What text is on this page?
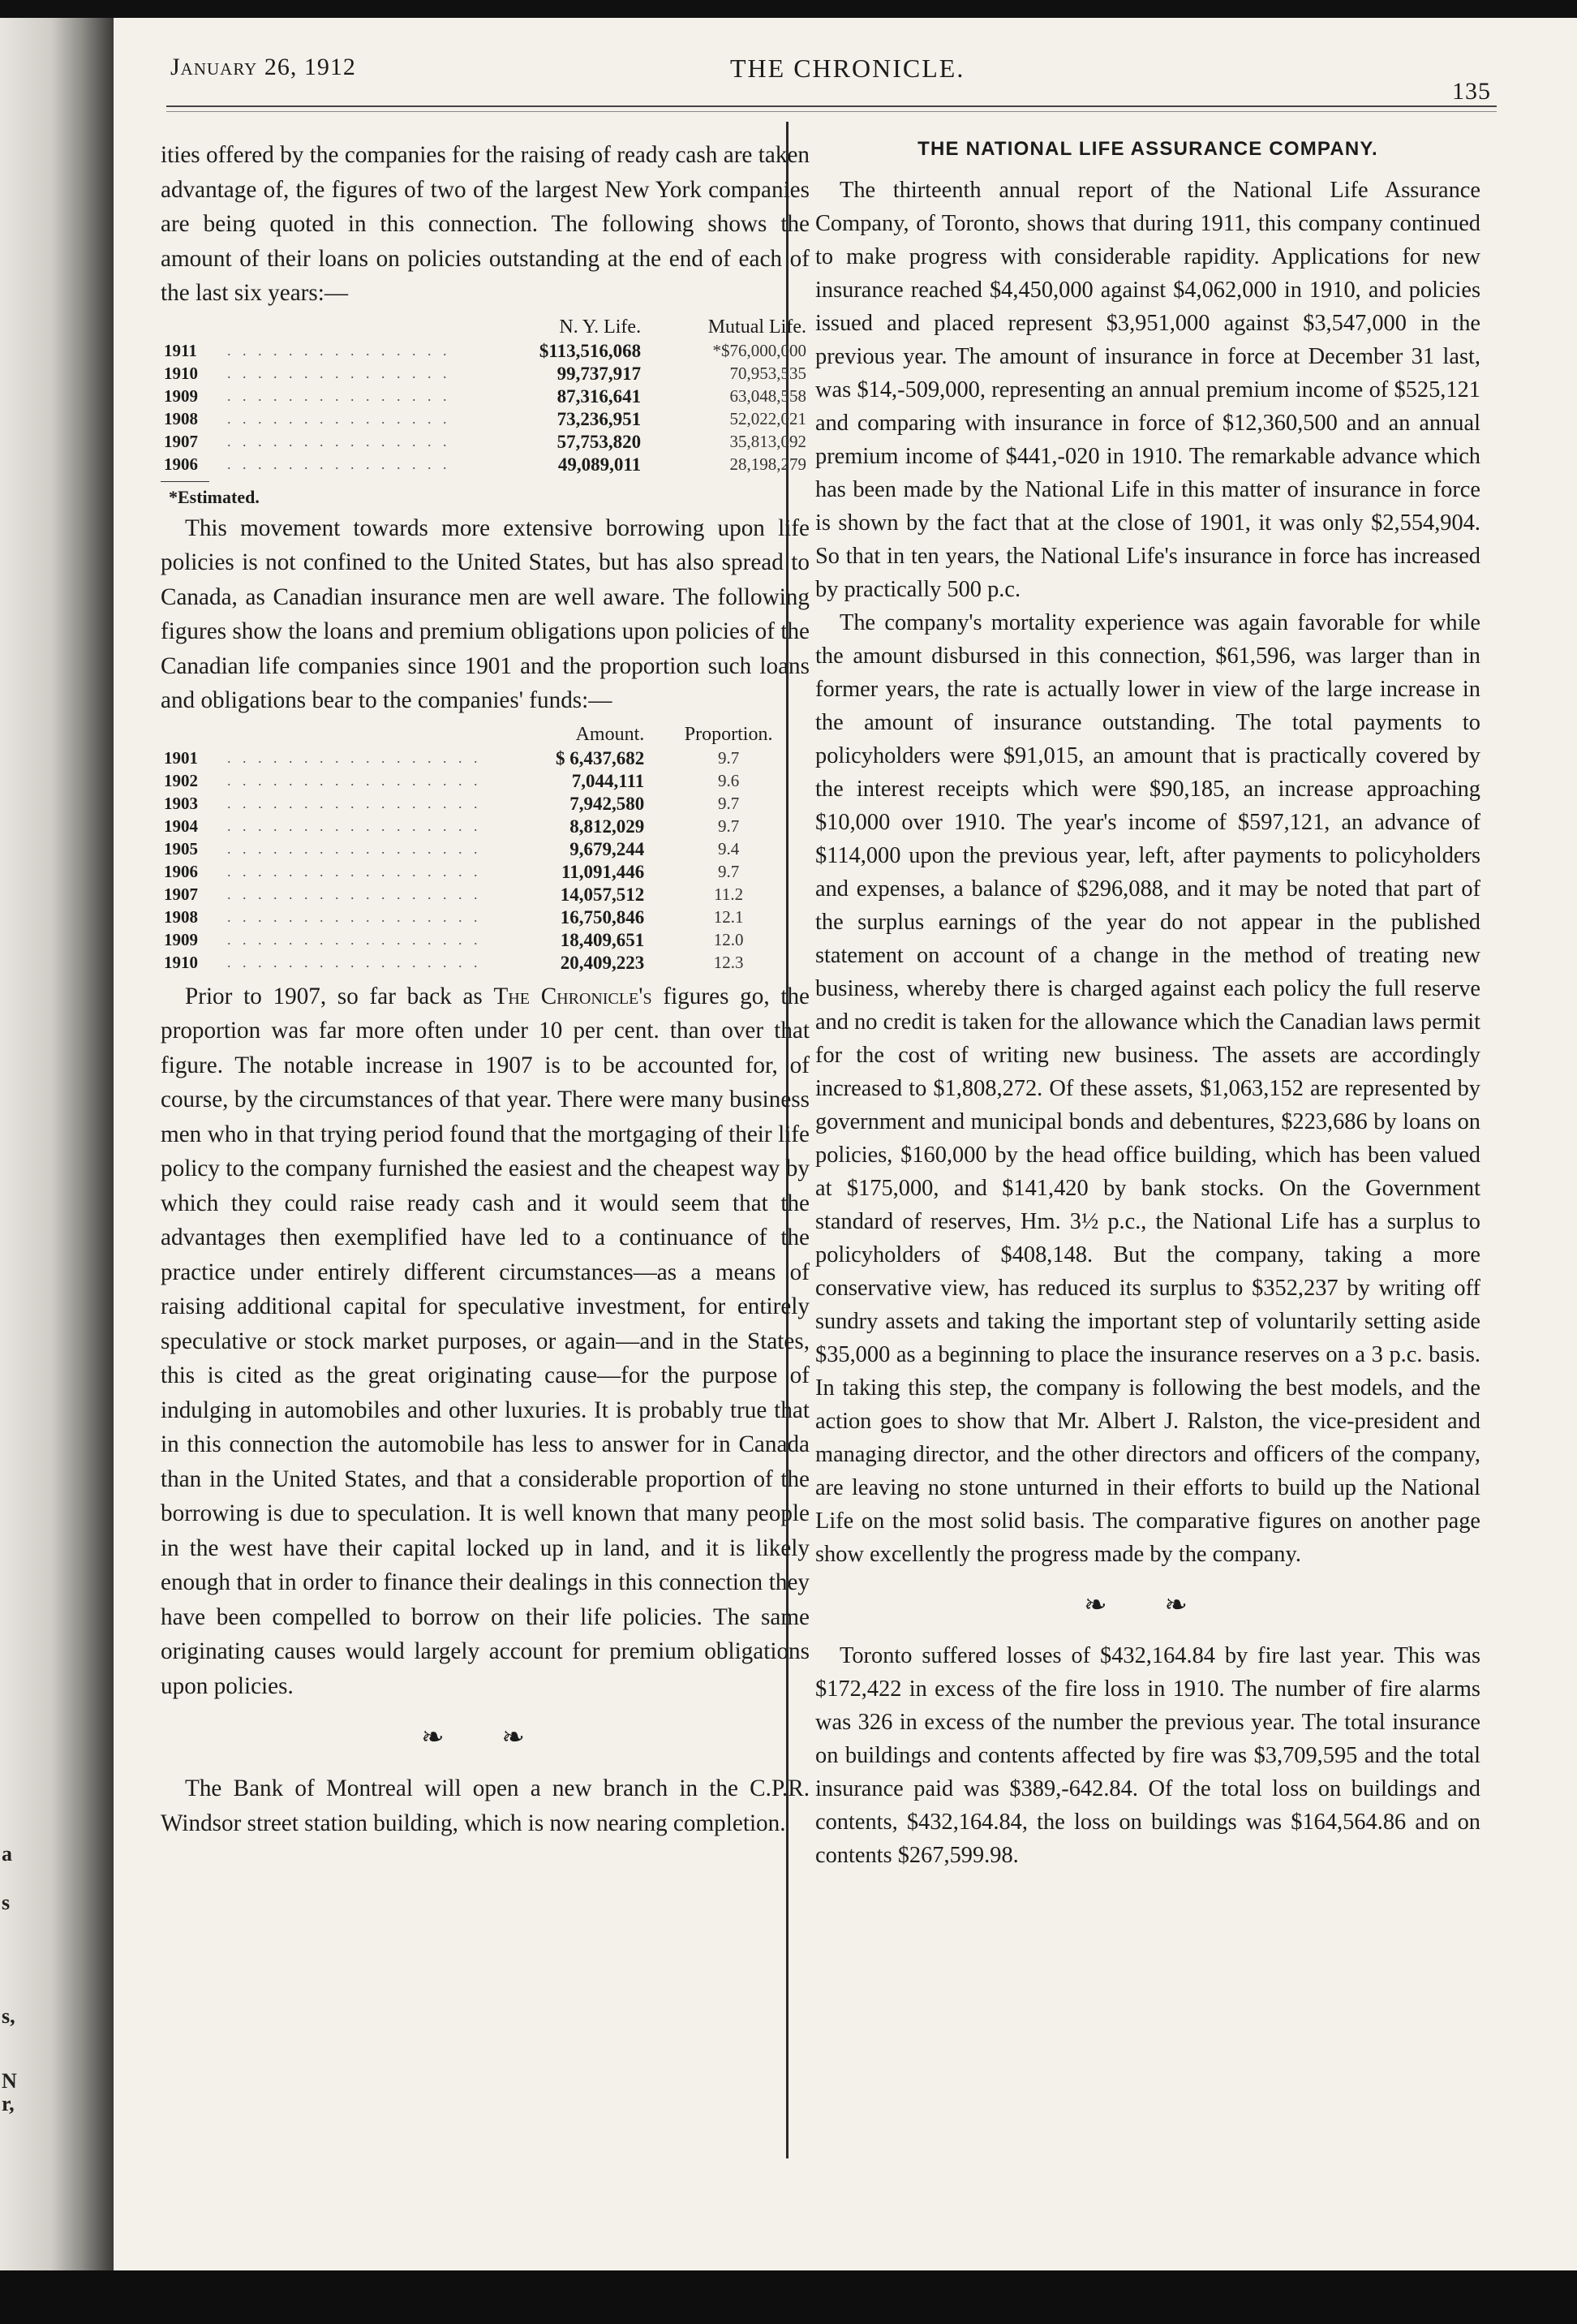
a
s
s,
N
r,
January 26, 1912	THE CHRONICLE.
135

ities offered by the companies for the raising of ready cash are taken advantage of, the figures of two of the largest New York companies are being quoted in this connection. The following shows the amount of their loans on policies outstanding at the end of each of the last six years:—

		N. Y. Life.	Mutual Life.
1911	. . . . . . . . . . . . . . .	$113,516,068	*$76,000,000
1910	. . . . . . . . . . . . . . .	99,737,917	70,953,535
1909	. . . . . . . . . . . . . . .	87,316,641	63,048,558
1908	. . . . . . . . . . . . . . .	73,236,951	52,022,021
1907	. . . . . . . . . . . . . . .	57,753,820	35,813,092
1906	. . . . . . . . . . . . . . .	49,089,011	28,198,279
*Estimated.

This movement towards more extensive borrowing upon life policies is not confined to the United States, but has also spread to Canada, as Canadian insurance men are well aware. The following figures show the loans and premium obligations upon policies of the Canadian life companies since 1901 and the proportion such loans and obligations bear to the companies' funds:—

		Amount.	Proportion.
1901	. . . . . . . . . . . . . . . . .	$ 6,437,682	9.7
1902	. . . . . . . . . . . . . . . . .	7,044,111	9.6
1903	. . . . . . . . . . . . . . . . .	7,942,580	9.7
1904	. . . . . . . . . . . . . . . . .	8,812,029	9.7
1905	. . . . . . . . . . . . . . . . .	9,679,244	9.4
1906	. . . . . . . . . . . . . . . . .	11,091,446	9.7
1907	. . . . . . . . . . . . . . . . .	14,057,512	11.2
1908	. . . . . . . . . . . . . . . . .	16,750,846	12.1
1909	. . . . . . . . . . . . . . . . .	18,409,651	12.0
1910	. . . . . . . . . . . . . . . . .	20,409,223	12.3

Prior to 1907, so far back as The Chronicle's figures go, the proportion was far more often under 10 per cent. than over that figure. The notable increase in 1907 is to be accounted for, of course, by the circumstances of that year. There were many business men who in that trying period found that the mortgaging of their life policy to the company furnished the easiest and the cheapest way by which they could raise ready cash and it would seem that the advantages then exemplified have led to a continuance of the practice under entirely different circumstances—as a means of raising additional capital for speculative investment, for entirely speculative or stock market purposes, or again—and in the States, this is cited as the great originating cause—for the purpose of indulging in automobiles and other luxuries. It is probably true that in this connection the automobile has less to answer for in Canada than in the United States, and that a considerable proportion of the borrowing is due to speculation. It is well known that many people in the west have their capital locked up in land, and it is likely enough that in order to finance their dealings in this connection they have been compelled to borrow on their life policies. The same originating causes would largely account for premium obligations upon policies.

❧ ❧

The Bank of Montreal will open a new branch in the C.P.R. Windsor street station building, which is now nearing completion.

THE NATIONAL LIFE ASSURANCE COMPANY.

The thirteenth annual report of the National Life Assurance Company, of Toronto, shows that during 1911, this company continued to make progress with considerable rapidity. Applications for new insurance reached $4,450,000 against $4,062,000 in 1910, and policies issued and placed represent $3,951,000 against $3,547,000 in the previous year. The amount of insurance in force at December 31 last, was $14,-509,000, representing an annual premium income of $525,121 and comparing with insurance in force of $12,360,500 and an annual premium income of $441,-020 in 1910. The remarkable advance which has been made by the National Life in this matter of insurance in force is shown by the fact that at the close of 1901, it was only $2,554,904. So that in ten years, the National Life's insurance in force has increased by practically 500 p.c.

The company's mortality experience was again favorable for while the amount disbursed in this connection, $61,596, was larger than in former years, the rate is actually lower in view of the large increase in the amount of insurance outstanding. The total payments to policyholders were $91,015, an amount that is practically covered by the interest receipts which were $90,185, an increase approaching $10,000 over 1910. The year's income of $597,121, an advance of $114,000 upon the previous year, left, after payments to policyholders and expenses, a balance of $296,088, and it may be noted that part of the surplus earnings of the year do not appear in the published statement on account of a change in the method of treating new business, whereby there is charged against each policy the full reserve and no credit is taken for the allowance which the Canadian laws permit for the cost of writing new business. The assets are accordingly increased to $1,808,272. Of these assets, $1,063,152 are represented by government and municipal bonds and debentures, $223,686 by loans on policies, $160,000 by the head office building, which has been valued at $175,000, and $141,420 by bank stocks. On the Government standard of reserves, Hm. 3½ p.c., the National Life has a surplus to policyholders of $408,148. But the company, taking a more conservative view, has reduced its surplus to $352,237 by writing off sundry assets and taking the important step of voluntarily setting aside $35,000 as a beginning to place the insurance reserves on a 3 p.c. basis. In taking this step, the company is following the best models, and the action goes to show that Mr. Albert J. Ralston, the vice-president and managing director, and the other directors and officers of the company, are leaving no stone unturned in their efforts to build up the National Life on the most solid basis. The comparative figures on another page show excellently the progress made by the company.

❧ ❧

Toronto suffered losses of $432,164.84 by fire last year. This was $172,422 in excess of the fire loss in 1910. The number of fire alarms was 326 in excess of the number the previous year. The total insurance on buildings and contents affected by fire was $3,709,595 and the total insurance paid was $389,-642.84. Of the total loss on buildings and contents, $432,164.84, the loss on buildings was $164,564.86 and on contents $267,599.98.
